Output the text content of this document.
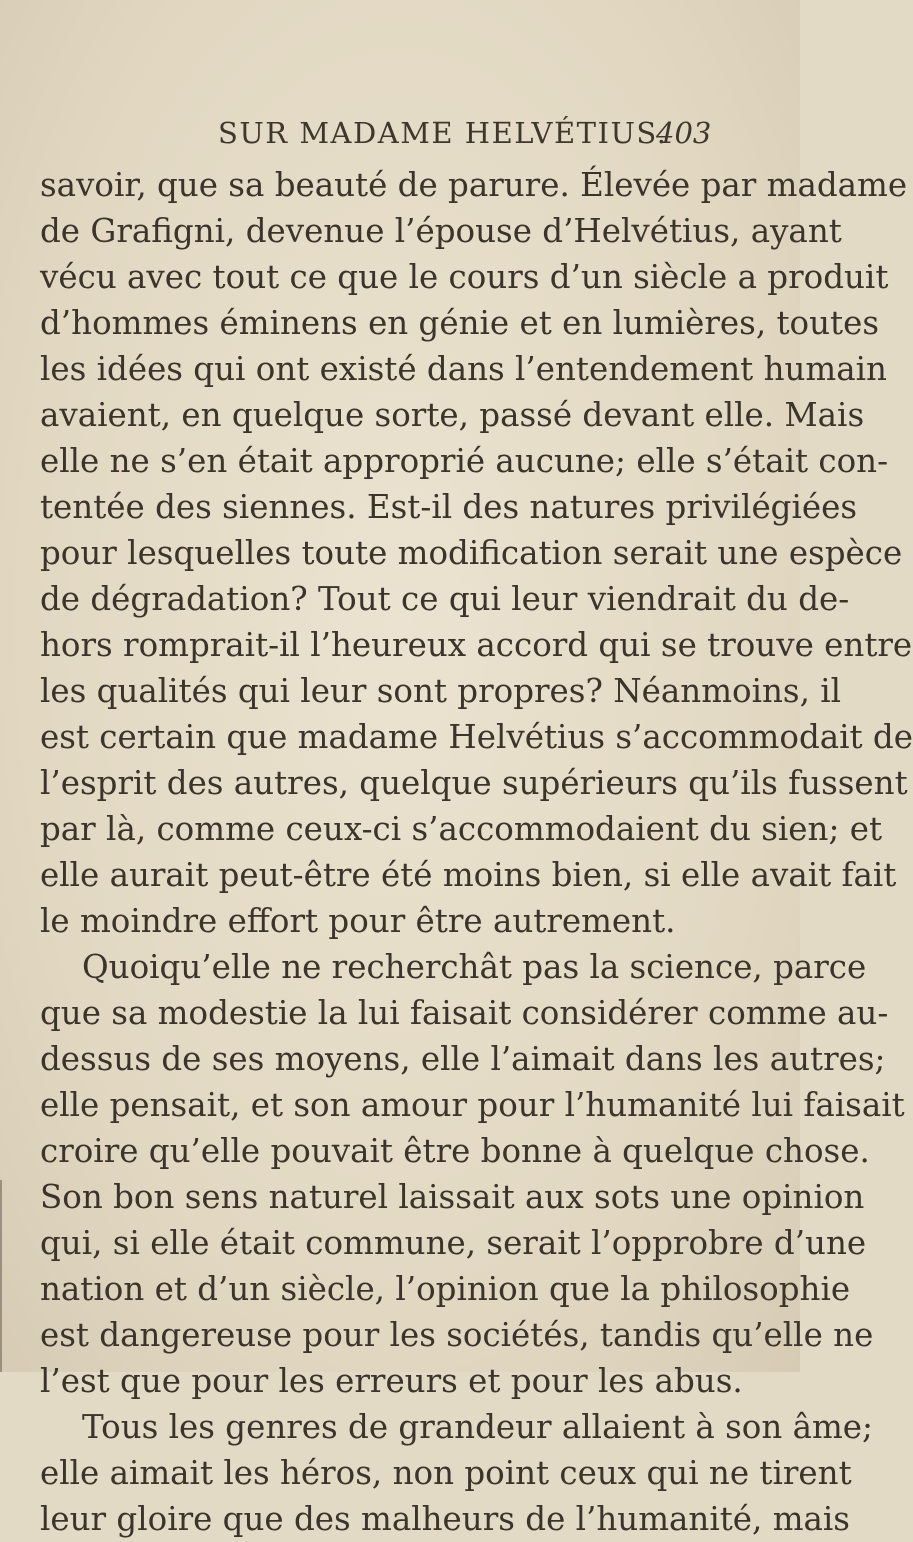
SUR MADAME HELVÉTIUS.
403
savoir, que sa beauté de parure. Élevée par madame
de Grafigni, devenue l’épouse d’Helvétius, ayant
vécu avec tout ce que le cours d’un siècle a produit
d’hommes éminens en génie et en lumières, toutes
les idées qui ont existé dans l’entendement humain
avaient, en quelque sorte, passé devant elle. Mais
elle ne s’en était approprié aucune; elle s’était con-
tentée des siennes. Est-il des natures privilégiées
pour lesquelles toute modification serait une espèce
de dégradation? Tout ce qui leur viendrait du de-
hors romprait-il l’heureux accord qui se trouve entre
les qualités qui leur sont propres? Néanmoins, il
est certain que madame Helvétius s’accommodait de
l’esprit des autres, quelque supérieurs qu’ils fussent
par là, comme ceux-ci s’accommodaient du sien; et
elle aurait peut-être été moins bien, si elle avait fait
le moindre effort pour être autrement.
Quoiqu’elle ne recherchât pas la science, parce
que sa modestie la lui faisait considérer comme au-
dessus de ses moyens, elle l’aimait dans les autres;
elle pensait, et son amour pour l’humanité lui faisait
croire qu’elle pouvait être bonne à quelque chose.
Son bon sens naturel laissait aux sots une opinion
qui, si elle était commune, serait l’opprobre d’une
nation et d’un siècle, l’opinion que la philosophie
est dangereuse pour les sociétés, tandis qu’elle ne
l’est que pour les erreurs et pour les abus.
Tous les genres de grandeur allaient à son âme;
elle aimait les héros, non point ceux qui ne tirent
leur gloire que des malheurs de l’humanité, mais
